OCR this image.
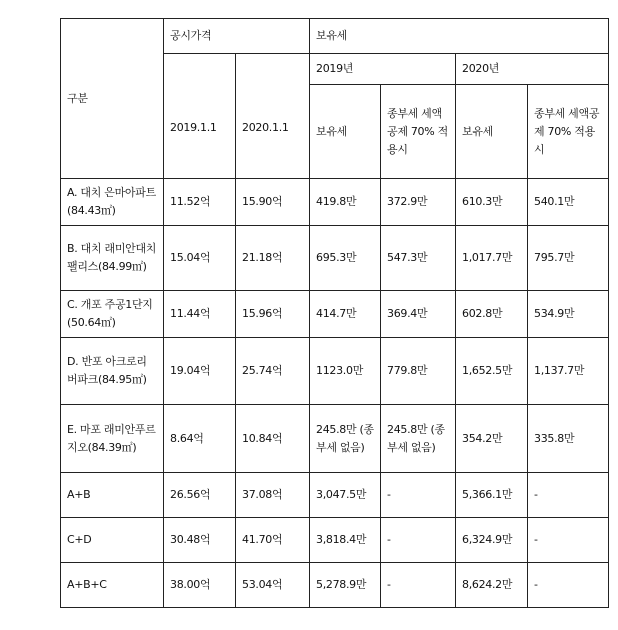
구분	공시가격		보유세			
	2019.1.1	2020.1.1	2019년		2020년	
			보유세	종부세 세액공제 70% 적용시	보유세	종부세 세액공제 70% 적용시
A. 대치 은마아파트(84.43㎡)	11.52억	15.90억	419.8만	372.9만	610.3만	540.1만
B. 대치 래미안대치팰리스(84.99㎡)	15.04억	21.18억	695.3만	547.3만	1,017.7만	795.7만
C. 개포 주공1단지 (50.64㎡)	11.44억	15.96억	414.7만	369.4만	602.8만	534.9만
D. 반포 아크로리버파크(84.95㎡)	19.04억	25.74억	1123.0만	779.8만	1,652.5만	1,137.7만
E. 마포 래미안푸르지오(84.39㎡)	8.64억	10.84억	245.8만 (종부세 없음)	245.8만 (종부세 없음)	354.2만	335.8만
A+B	26.56억	37.08억	3,047.5만	-	5,366.1만	-
C+D	30.48억	41.70억	3,818.4만	-	6,324.9만	-
A+B+C	38.00억	53.04억	5,278.9만	-	8,624.2만	-
